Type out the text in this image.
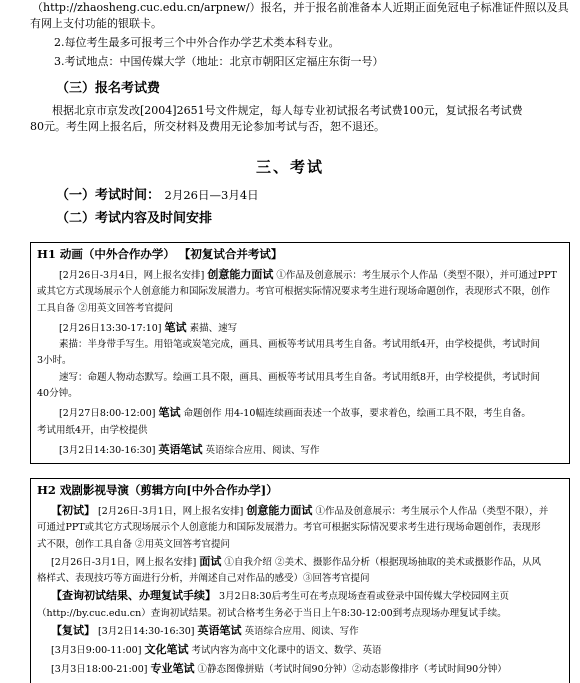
（http://zhaosheng.cuc.edu.cn/arpnew/）报名，并于报名前准备本人近期正面免冠电子标准证件照以及具
有网上支付功能的银联卡。
2.每位考生最多可报考三个中外合作办学艺术类本科专业。
3.考试地点：中国传媒大学（地址：北京市朝阳区定福庄东街一号）
（三）报名考试费
根据北京市京发改[2004]2651号文件规定，每人每专业初试报名考试费100元，复试报名考试费
80元。考生网上报名后，所交材料及费用无论参加考试与否，恕不退还。
三、考试
（一）考试时间： 2月26日—3月4日
（二）考试内容及时间安排
H1 动画（中外合作办学） 【初复试合并考试】
[2月26日-3月4日，网上报名安排] 创意能力面试 ①作品及创意展示：考生展示个人作品（类型不限），并可通过PPT
或其它方式现场展示个人创意能力和国际发展潜力。考官可根据实际情况要求考生进行现场命题创作，表现形式不限，创作
工具自备 ②用英文回答考官提问
[2月26日13:30-17:10] 笔试 素描、速写
素描：半身带手写生。用铅笔或炭笔完成，画具、画板等考试用具考生自备。考试用纸4开，由学校提供，考试时间
3小时。
速写：命题人物动态默写。绘画工具不限，画具、画板等考试用具考生自备。考试用纸8开，由学校提供，考试时间
40分钟。
[2月27日8:00-12:00] 笔试 命题创作 用4-10幅连续画面表述一个故事，要求着色，绘画工具不限，考生自备。
考试用纸4开，由学校提供
[3月2日14:30-16:30] 英语笔试 英语综合应用、阅读、写作
H2 戏剧影视导演（剪辑方向[中外合作办学]）
【初试】 [2月26日-3月1日，网上报名安排] 创意能力面试 ①作品及创意展示：考生展示个人作品（类型不限），并
可通过PPT或其它方式现场展示个人创意能力和国际发展潜力。考官可根据实际情况要求考生进行现场命题创作，表现形
式不限，创作工具自备 ②用英文回答考官提问
[2月26日-3月1日，网上报名安排] 面试 ①自我介绍 ②美术、摄影作品分析（根据现场抽取的美术或摄影作品，从风
格样式、表现技巧等方面进行分析，并阐述自己对作品的感受）③回答考官提问
【查询初试结果、办理复试手续】 3月2日8:30后考生可在考点现场查看或登录中国传媒大学校园网主页
（http://by.cuc.edu.cn）查询初试结果。初试合格考生务必于当日上午8:30-12:00到考点现场办理复试手续。
【复试】 [3月2日14:30-16:30] 英语笔试 英语综合应用、阅读、写作
[3月3日9:00-11:00] 文化笔试 考试内容为高中文化课中的语文、数学、英语
[3月3日18:00-21:00] 专业笔试 ①静态图像拼贴（考试时间90分钟）②动态影像排序（考试时间90分钟）
